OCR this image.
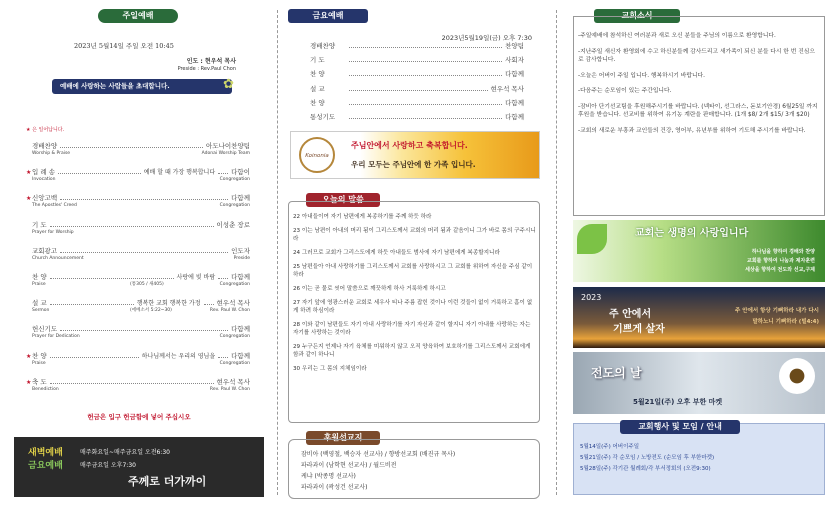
주일예배
2023년 5월14일 주일 오전 10:45
인도 : 현우석 목사
Preside : Rev.Paul Chon
예배에 사랑하는 사람들을 초대합니다.	✿
★ 은 일어납니다.
경배찬양	아도나이찬양팀
Worship & Praise	Adonai Worship Team
★ 입 례 송	예배 할 때 가장 행복합니다 다함이
Invocation	Congregation
★ 신앙고백	다함께
The Apostles' Creed	Congregation
기 도	이성춘 장로
Prayer for Worship
교회광고	인도자
Church Announcement	Preside
찬 양	사랑에 빚 바람 다함께
Praise	(통305 / 새405)	Congregation
설 교	행복한 교회 행복한 가정 현우석 목사
Sermon	(에베소서 5:22~30)	Rev. Paul W. Chon
헌신기도	다함께
Prayer for Dedication	Congregation
★ 찬 양	하나님께서는 우리의 영님을 다함께
Praise	Congregation
★ 축 도	현우석 목사
Benediction	Rev. Paul W. Chon
헌금은 입구 헌금함에 넣어 주십시오
새벽예배	매주화요일~매주금요일 오전6:30
금요예배	매주금요일 오후7:30
주께로 더가까이
금요예배
2023년5월19일(금) 오후 7:30
경배찬양	찬양팀
기 도	사회자
찬 양	다함께
설 교	현우석 목사
찬 양	다함께
통성기도	다함께
Koinonia
주님안에서 사랑하고 축복합니다.
우리 모두는 주님안에 한 가족 입니다.
오늘의 말씀
22 아내들이여 자기 남편에게 복종하기를 주께 하듯 하라
23 이는 남편이 아내의 머리 됨이 그리스도께서 교회의 머리 됨과 같음이니 그가 바로 몸의 구주시니라
24 그러므로 교회가 그리스도에게 하듯 아내들도 범사에 자기 남편에게 복종할지니라
25 남편들아 아내 사랑하기를 그리스도께서 교회를 사랑하시고 그 교회를 위하여 자신을 주심 같이 하라
26 이는 곧 물로 씻어 말씀으로 깨끗하게 하사 거룩하게 하시고
27 자기 앞에 영광스러운 교회로 세우사 티나 주름 잡힌 것이나 이런 것들이 없이 거룩하고 흠이 없게 하려 하심이라
28 이와 같이 남편들도 자기 아내 사랑하기를 자기 자신과 같이 할지니 자기 아내를 사랑하는 자는 자기를 사랑하는 것이라
29 누구든지 언제나 자기 육체를 미워하지 않고 오직 양육하여 보호하기를 그리스도께서 교회에게 함과 같이 하나니
30 우리는 그 몸의 지체임이라
후원선교지
잠비아 (백영철, 백승자 선교사) / 향방선교회 (배진규 목사)
파라과이 (남학현 선교사) / 월드비전
케냐 (박종명 선교사)
파라과이 (곽성건 선교사)
교회소식
-주일예배에 참석하신 여러분과 새로 오신 분들을 주님의 이름으로 환영합니다.
-지난주일 새신자 환영회에 수고 하신분들께 감사드리고 새가족이 되신 분들 다시 한 번 진심으로 감사합니다.
-오늘은 어버이 주일 입니다. 행복하시기 바랍니다.
-다음주는 순모임이 있는 주간입니다.
-잠비아 단기선교팀을 후원해주시기를 바랍니다. (넥타이, 선그라스, 돋보기안경) 6월25일 까지 후원을 받습니다. 선교비를 위하여 유기농 계란을 판매합니다. (1개 $8/ 2개 $15/ 3개 $20)
-교회의 새로운 부흥과 교인들의 건강, 영어부, 유년부를 위하여 기도해 주시기를 바랍니다.
교회는 생명의 사랑입니다
하나님을 향하여 경배와 찬양
교회를 향하여 나눔과 제자훈련
세상을 향하여 전도와 선교,구제
2023
주 안에서
기쁘게 살자
주 안에서 항상 기뻐하라 내가 다시
말하노니 기뻐하라 (빌4:4)
전도의 날
5월21일(주) 오후 부한 마켓
교회행사 및 모임 / 안내
5월14일(주) 어버이주일
5월21일(주) 각 순모임 / 노방전도 (순모임 후 부한마켓)
5월28일(주) 각기관 월례회/각 부서정회의 (오전9:30)
